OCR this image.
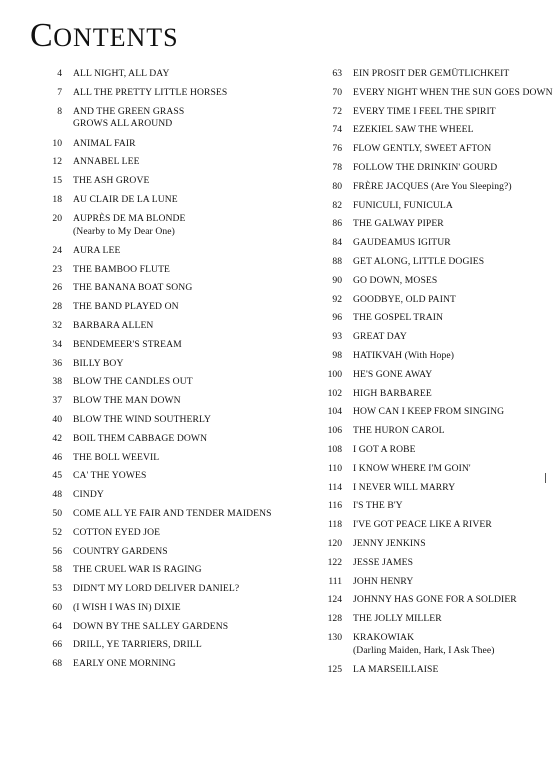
CONTENTS
4 ALL NIGHT, ALL DAY
7 ALL THE PRETTY LITTLE HORSES
8 AND THE GREEN GRASS
GROWS ALL AROUND
10 ANIMAL FAIR
12 ANNABEL LEE
15 THE ASH GROVE
18 AU CLAIR DE LA LUNE
20 AUPRÈS DE MA BLONDE
(Nearby to My Dear One)
24 AURA LEE
23 THE BAMBOO FLUTE
26 THE BANANA BOAT SONG
28 THE BAND PLAYED ON
32 BARBARA ALLEN
34 BENDEMEER'S STREAM
36 BILLY BOY
38 BLOW THE CANDLES OUT
37 BLOW THE MAN DOWN
40 BLOW THE WIND SOUTHERLY
42 BOIL THEM CABBAGE DOWN
46 THE BOLL WEEVIL
45 CA' THE YOWES
48 CINDY
50 COME ALL YE FAIR AND TENDER MAIDENS
52 COTTON EYED JOE
56 COUNTRY GARDENS
58 THE CRUEL WAR IS RAGING
53 DIDN'T MY LORD DELIVER DANIEL?
60 (I WISH I WAS IN) DIXIE
64 DOWN BY THE SALLEY GARDENS
66 DRILL, YE TARRIERS, DRILL
68 EARLY ONE MORNING
63 EIN PROSIT DER GEMÜTLICHKEIT
70 EVERY NIGHT WHEN THE SUN GOES DOWN
72 EVERY TIME I FEEL THE SPIRIT
74 EZEKIEL SAW THE WHEEL
76 FLOW GENTLY, SWEET AFTON
78 FOLLOW THE DRINKIN' GOURD
80 FRÈRE JACQUES (Are You Sleeping?)
82 FUNICULI, FUNICULA
86 THE GALWAY PIPER
84 GAUDEAMUS IGITUR
88 GET ALONG, LITTLE DOGIES
90 GO DOWN, MOSES
92 GOODBYE, OLD PAINT
96 THE GOSPEL TRAIN
93 GREAT DAY
98 HATIKVAH (With Hope)
100 HE'S GONE AWAY
102 HIGH BARBAREE
104 HOW CAN I KEEP FROM SINGING
106 THE HURON CAROL
108 I GOT A ROBE
110 I KNOW WHERE I'M GOIN'
114 I NEVER WILL MARRY
116 I'S THE B'Y
118 I'VE GOT PEACE LIKE A RIVER
120 JENNY JENKINS
122 JESSE JAMES
111 JOHN HENRY
124 JOHNNY HAS GONE FOR A SOLDIER
128 THE JOLLY MILLER
130 KRAKOWIAK
(Darling Maiden, Hark, I Ask Thee)
125 LA MARSEILLAISE
